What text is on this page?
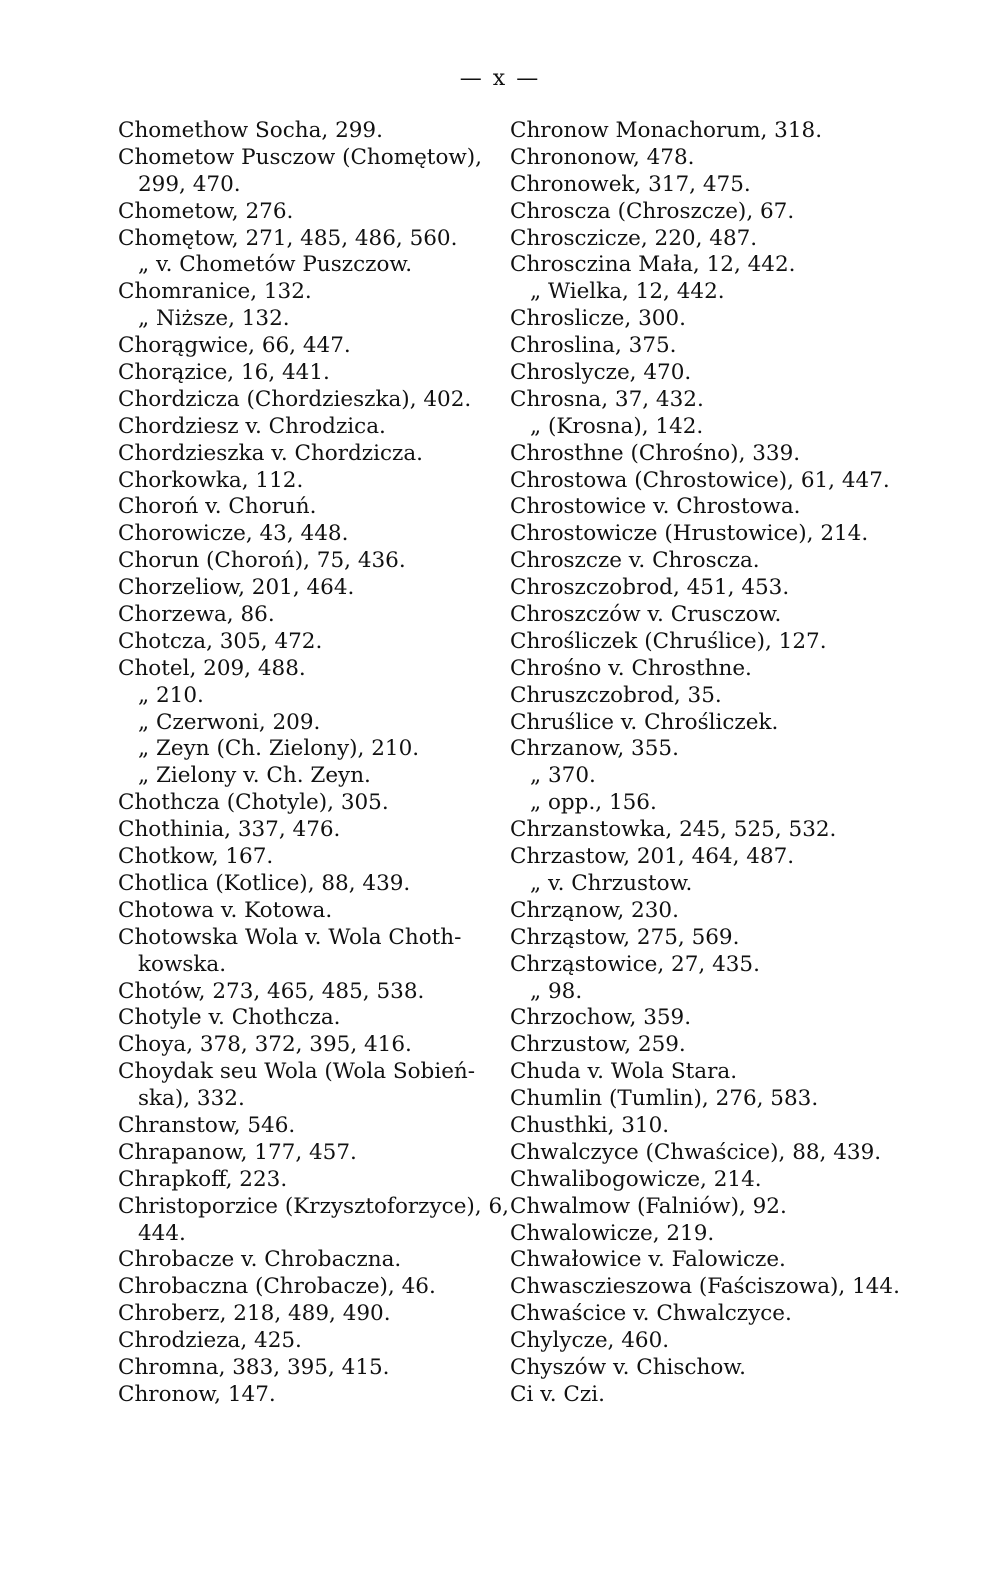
— x —
Chomethow Socha, 299.
Chometow Pusczow (Chomętow),
299, 470.
Chometow, 276.
Chomętow, 271, 485, 486, 560.
„ v. Chometów Puszczow.
Chomranice, 132.
„ Niższe, 132.
Chorągwice, 66, 447.
Chorązice, 16, 441.
Chordzicza (Chordzieszka), 402.
Chordziesz v. Chrodzica.
Chordzieszka v. Chordzicza.
Chorkowka, 112.
Choroń v. Choruń.
Chorowicze, 43, 448.
Chorun (Choroń), 75, 436.
Chorzeliow, 201, 464.
Chorzewa, 86.
Chotcza, 305, 472.
Chotel, 209, 488.
„ 210.
„ Czerwoni, 209.
„ Zeyn (Ch. Zielony), 210.
„ Zielony v. Ch. Zeyn.
Chothcza (Chotyle), 305.
Chothinia, 337, 476.
Chotkow, 167.
Chotlica (Kotlice), 88, 439.
Chotowa v. Kotowa.
Chotowska Wola v. Wola Choth-
kowska.
Chotów, 273, 465, 485, 538.
Chotyle v. Chothcza.
Choya, 378, 372, 395, 416.
Choydak seu Wola (Wola Sobień-
ska), 332.
Chranstow, 546.
Chrapanow, 177, 457.
Chrapkoff, 223.
Christoporzice (Krzysztoforzyce), 6,
444.
Chrobacze v. Chrobaczna.
Chrobaczna (Chrobacze), 46.
Chroberz, 218, 489, 490.
Chrodzieza, 425.
Chromna, 383, 395, 415.
Chronow, 147.
Chronow Monachorum, 318.
Chrononow, 478.
Chronowek, 317, 475.
Chroscza (Chroszcze), 67.
Chrosczicze, 220, 487.
Chrosczina Mała, 12, 442.
„ Wielka, 12, 442.
Chroslicze, 300.
Chroslina, 375.
Chroslycze, 470.
Chrosna, 37, 432.
„ (Krosna), 142.
Chrosthne (Chrośno), 339.
Chrostowa (Chrostowice), 61, 447.
Chrostowice v. Chrostowa.
Chrostowicze (Hrustowice), 214.
Chroszcze v. Chroscza.
Chroszczobrod, 451, 453.
Chroszczów v. Crusczow.
Chrośliczek (Chruślice), 127.
Chrośno v. Chrosthne.
Chruszczobrod, 35.
Chruślice v. Chrośliczek.
Chrzanow, 355.
„ 370.
„ opp., 156.
Chrzanstowka, 245, 525, 532.
Chrzastow, 201, 464, 487.
„ v. Chrzustow.
Chrząnow, 230.
Chrząstow, 275, 569.
Chrząstowice, 27, 435.
„ 98.
Chrzochow, 359.
Chrzustow, 259.
Chuda v. Wola Stara.
Chumlin (Tumlin), 276, 583.
Chusthki, 310.
Chwalczyce (Chwaścice), 88, 439.
Chwalibogowicze, 214.
Chwalmow (Falniów), 92.
Chwalowicze, 219.
Chwałowice v. Falowicze.
Chwasczieszowa (Faściszowa), 144.
Chwaścice v. Chwalczyce.
Chylycze, 460.
Chyszów v. Chischow.
Ci v. Czi.
